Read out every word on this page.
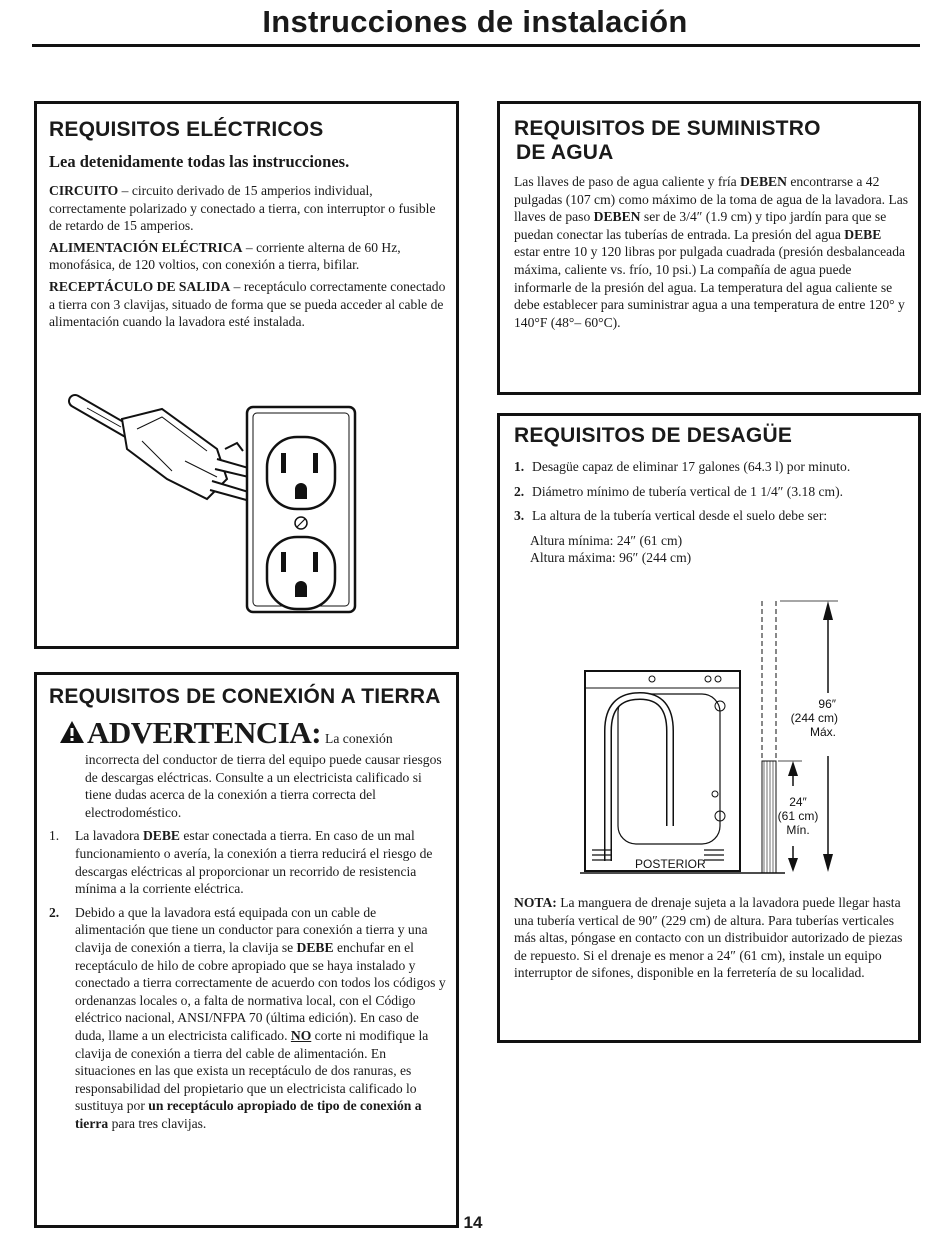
Instrucciones de instalación
REQUISITOS ELÉCTRICOS
Lea detenidamente todas las instrucciones.

CIRCUITO – circuito derivado de 15 amperios individual, correctamente polarizado y conectado a tierra, con interruptor o fusible de retardo de 15 amperios.

ALIMENTACIÓN ELÉCTRICA – corriente alterna de 60 Hz, monofásica, de 120 voltios, con conexión a tierra, bifilar.

RECEPTÁCULO DE SALIDA – receptáculo correctamente conectado a tierra con 3 clavijas, situado de forma que se pueda acceder al cable de alimentación cuando la lavadora esté instalada.

REQUISITOS DE CONEXIÓN A TIERRA
ADVERTENCIA: La conexión

incorrecta del conductor de tierra del equipo puede causar riesgos de descargas eléctricas. Consulte a un electricista calificado si tiene dudas acerca de la conexión a tierra correcta del electrodoméstico.

1. La lavadora DEBE estar conectada a tierra. En caso de un mal funcionamiento o avería, la conexión a tierra reducirá el riesgo de descargas eléctricas al proporcionar un recorrido de resistencia mínima a la corriente eléctrica.
2. Debido a que la lavadora está equipada con un cable de alimentación que tiene un conductor para conexión a tierra y una clavija de conexión a tierra, la clavija se DEBE enchufar en el receptáculo de hilo de cobre apropiado que se haya instalado y conectado a tierra correctamente de acuerdo con todos los códigos y ordenanzas locales o, a falta de normativa local, con el Código eléctrico nacional, ANSI/NFPA 70 (última edición). En caso de duda, llame a un electricista calificado. NO corte ni modifique la clavija de conexión a tierra del cable de alimentación. En situaciones en las que exista un receptáculo de dos ranuras, es responsabilidad del propietario que un electricista calificado lo sustituya por un receptáculo apropiado de tipo de conexión a tierra para tres clavijas.
REQUISITOS DE SUMINISTRO
DE AGUA

Las llaves de paso de agua caliente y fría DEBEN encontrarse a 42 pulgadas (107 cm) como máximo de la toma de agua de la lavadora. Las llaves de paso DEBEN ser de 3/4″ (1.9 cm) y tipo jardín para que se puedan conectar las tuberías de entrada. La presión del agua DEBE estar entre 10 y 120 libras por pulgada cuadrada (presión desbalanceada máxima, caliente vs. frío, 10 psi.) La compañía de agua puede informarle de la presión del agua. La temperatura del agua caliente se debe establecer para suministrar agua a una temperatura de entre 120° y 140°F (48°– 60°C).

REQUISITOS DE DESAGÜE
1. Desagüe capaz de eliminar 17 galones (64.3 l) por minuto.
2. Diámetro mínimo de tubería vertical de 1 1/4″ (3.18 cm).
3. La altura de la tubería vertical desde el suelo debe ser:
Altura mínima: 24″ (61 cm)
Altura máxima: 96″ (244 cm)
POSTERIOR
96″
(244 cm)
Máx.
24″
(61 cm)
Mín.

NOTA: La manguera de drenaje sujeta a la lavadora puede llegar hasta una tubería vertical de 90″ (229 cm) de altura. Para tuberías verticales más altas, póngase en contacto con un distribuidor autorizado de piezas de repuesto. Si el drenaje es menor a 24″ (61 cm), instale un equipo interruptor de sifones, disponible en la ferretería de su localidad.

14
